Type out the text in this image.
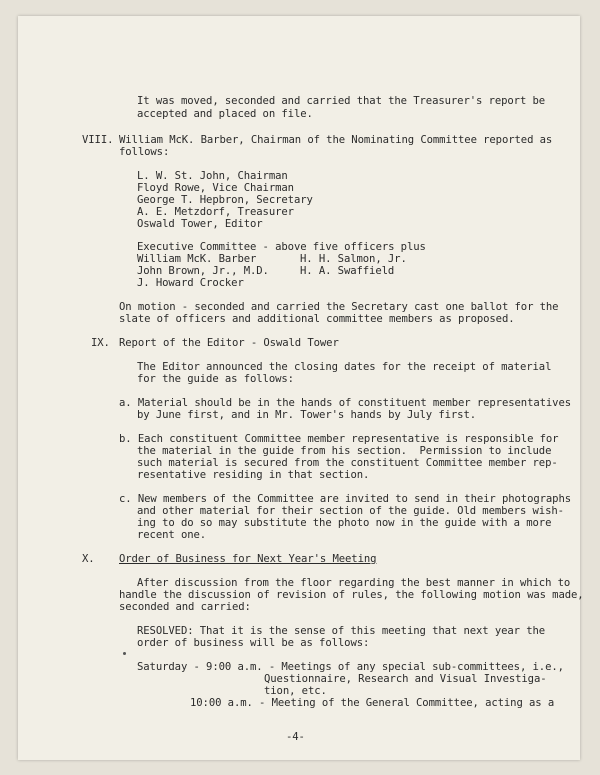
It was moved, seconded and carried that the Treasurer's report be
accepted and placed on file.
VIII. William McK. Barber, Chairman of the Nominating Committee reported as
follows:
L. W. St. John, Chairman
Floyd Rowe, Vice Chairman
George T. Hepbron, Secretary
A. E. Metzdorf, Treasurer
Oswald Tower, Editor
Executive Committee - above five officers plus
William McK. Barber	H. H. Salmon, Jr.
John Brown, Jr., M.D.	H. A. Swaffield
J. Howard Crocker
On motion - seconded and carried the Secretary cast one ballot for the
slate of officers and additional committee members as proposed.
IX. Report of the Editor - Oswald Tower
The Editor announced the closing dates for the receipt of material
for the guide as follows:
a. Material should be in the hands of constituent member representatives
by June first, and in Mr. Tower's hands by July first.
b. Each constituent Committee member representative is responsible for
the material in the guide from his section.  Permission to include
such material is secured from the constituent Committee member rep-
resentative residing in that section.
c. New members of the Committee are invited to send in their photographs
and other material for their section of the guide. Old members wish-
ing to do so may substitute the photo now in the guide with a more
recent one.
X. Order of Business for Next Year's Meeting
After discussion from the floor regarding the best manner in which to
handle the discussion of revision of rules, the following motion was made,
seconded and carried:
RESOLVED: That it is the sense of this meeting that next year the
order of business will be as follows:
Saturday - 9:00 a.m. - Meetings of any special sub-committees, i.e.,
Questionnaire, Research and Visual Investiga-
tion, etc.
10:00 a.m. - Meeting of the General Committee, acting as a
-4-
